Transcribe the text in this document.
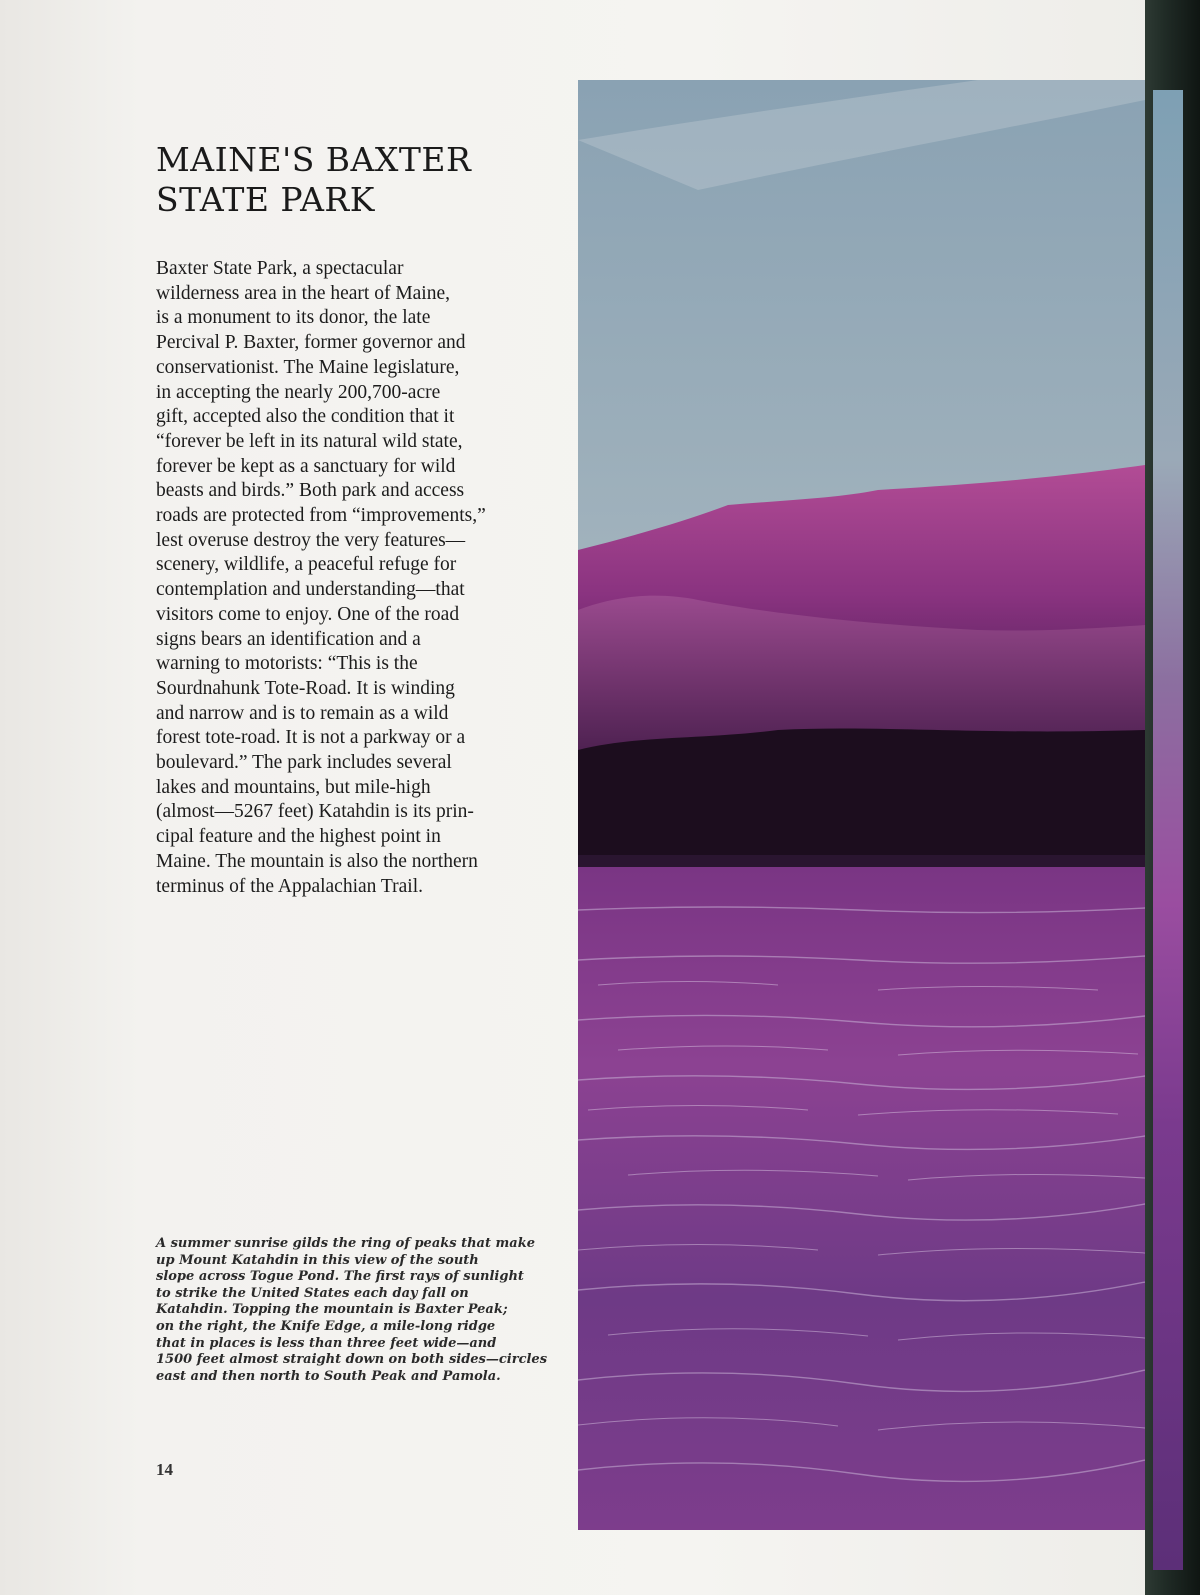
MAINE'S BAXTER
STATE PARK

Baxter State Park, a spectacular
wilderness area in the heart of Maine,
is a monument to its donor, the late
Percival P. Baxter, former governor and
conservationist. The Maine legislature,
in accepting the nearly 200,700-acre
gift, accepted also the condition that it
“forever be left in its natural wild state,
forever be kept as a sanctuary for wild
beasts and birds.” Both park and access
roads are protected from “improvements,”
lest overuse destroy the very features—
scenery, wildlife, a peaceful refuge for
contemplation and understanding—that
visitors come to enjoy. One of the road
signs bears an identification and a
warning to motorists: “This is the
Sourdnahunk Tote-Road. It is winding
and narrow and is to remain as a wild
forest tote-road. It is not a parkway or a
boulevard.” The park includes several
lakes and mountains, but mile-high
(almost—5267 feet) Katahdin is its prin-
cipal feature and the highest point in
Maine. The mountain is also the northern
terminus of the Appalachian Trail.

A summer sunrise gilds the ring of peaks that make
up Mount Katahdin in this view of the south
slope across Togue Pond. The first rays of sunlight
to strike the United States each day fall on
Katahdin. Topping the mountain is Baxter Peak;
on the right, the Knife Edge, a mile-long ridge
that in places is less than three feet wide—and
1500 feet almost straight down on both sides—circles
east and then north to South Peak and Pamola.

14
